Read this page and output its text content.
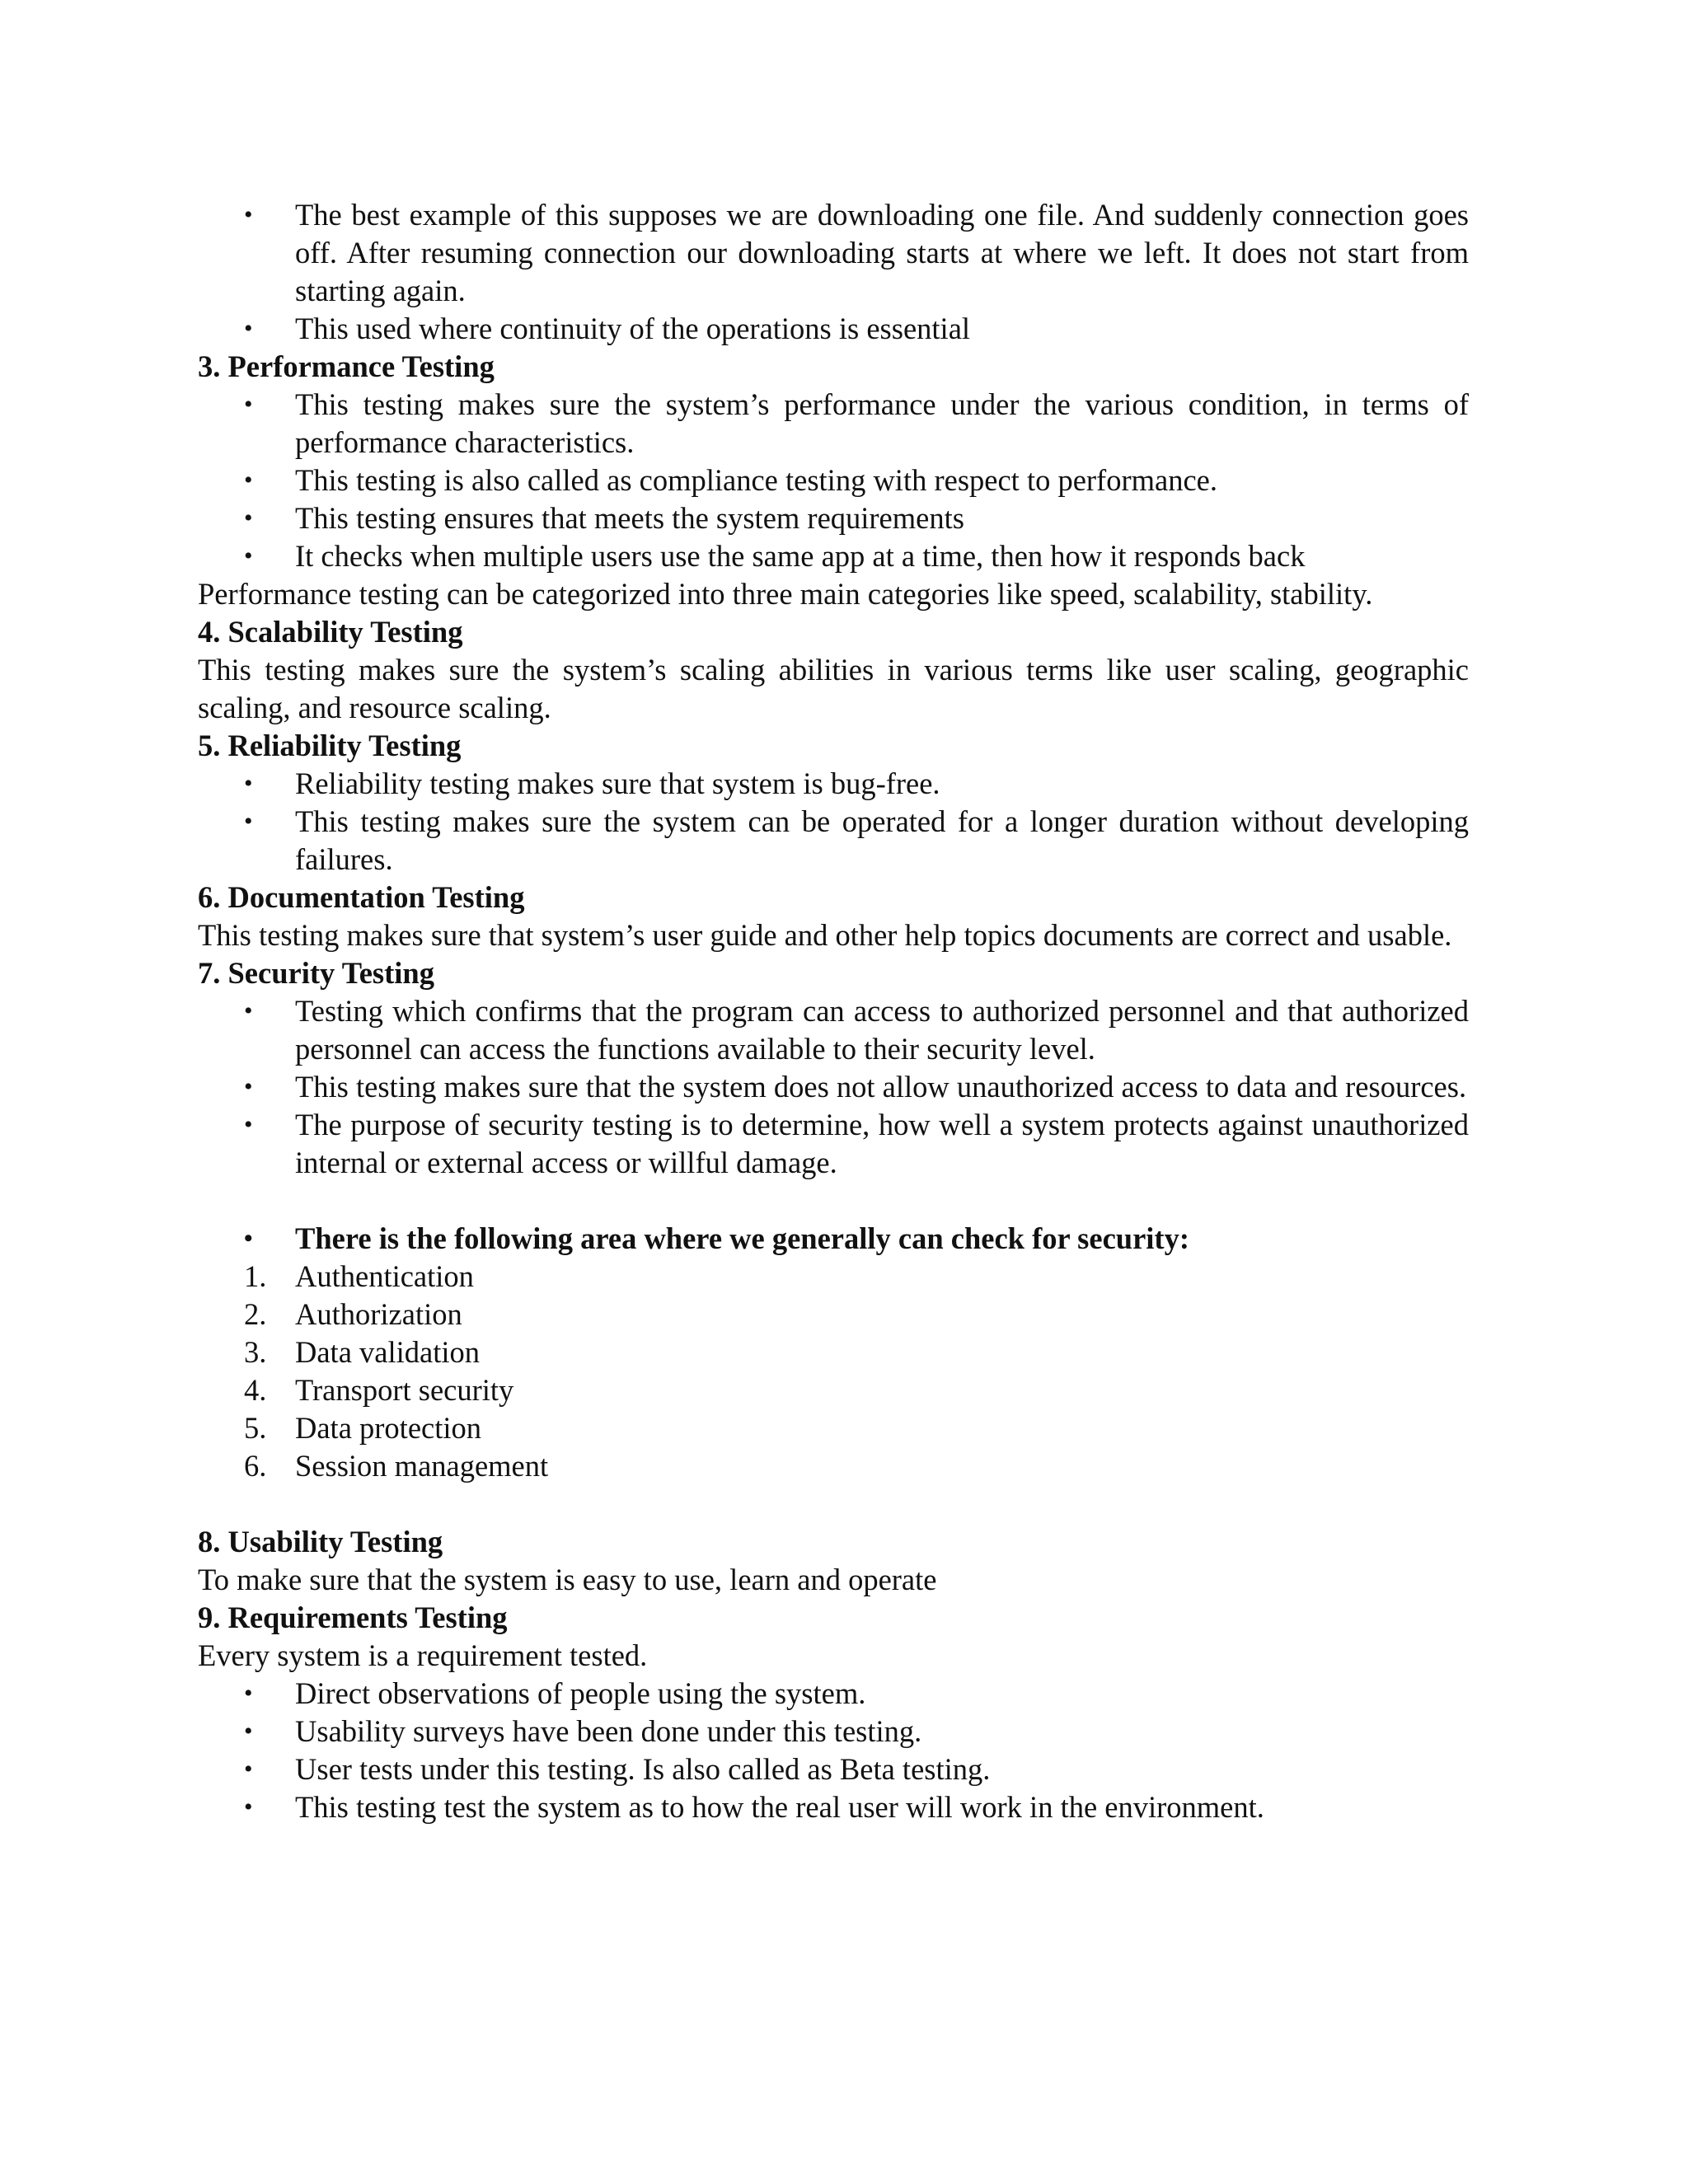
• The best example of this supposes we are downloading one file. And suddenly connection goes off. After resuming connection our downloading starts at where we left. It does not start from starting again.
• This used where continuity of the operations is essential

3. Performance Testing

• This testing makes sure the system’s performance under the various condition, in terms of performance characteristics.
• This testing is also called as compliance testing with respect to performance.
• This testing ensures that meets the system requirements
• It checks when multiple users use the same app at a time, then how it responds back

Performance testing can be categorized into three main categories like speed, scalability, stability.

4. Scalability Testing

This testing makes sure the system’s scaling abilities in various terms like user scaling, geographic scaling, and resource scaling.

5. Reliability Testing

• Reliability testing makes sure that system is bug-free.
• This testing makes sure the system can be operated for a longer duration without developing failures.

6. Documentation Testing

This testing makes sure that system’s user guide and other help topics documents are correct and usable.

7. Security Testing

• Testing which confirms that the program can access to authorized personnel and that authorized personnel can access the functions available to their security level.
• This testing makes sure that the system does not allow unauthorized access to data and resources.
• The purpose of security testing is to determine, how well a system protects against unauthorized internal or external access or willful damage.
• There is the following area where we generally can check for security:
1. Authentication
2. Authorization
3. Data validation
4. Transport security
5. Data protection
6. Session management

8. Usability Testing

To make sure that the system is easy to use, learn and operate

9. Requirements Testing

Every system is a requirement tested.

• Direct observations of people using the system.
• Usability surveys have been done under this testing.
• User tests under this testing. Is also called as Beta testing.
• This testing test the system as to how the real user will work in the environment.
